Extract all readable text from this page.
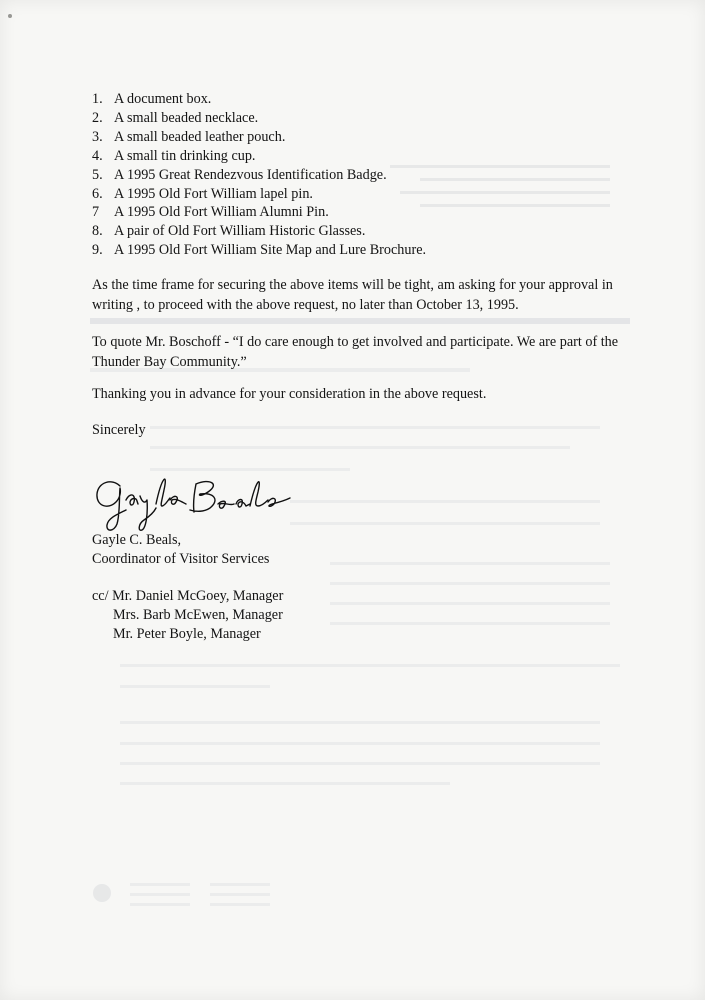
1. A document box.
2. A small beaded necklace.
3. A small beaded leather pouch.
4. A small tin drinking cup.
5. A 1995 Great Rendezvous Identification Badge.
6. A 1995 Old Fort William lapel pin.
7 A 1995 Old Fort William Alumni Pin.
8. A pair of Old Fort William Historic Glasses.
9. A 1995 Old Fort William Site Map and Lure Brochure.

As the time frame for securing the above items will be tight, am asking for your approval in writing , to proceed with the above request, no later than October 13, 1995.

To quote Mr. Boschoff - “I do care enough to get involved and participate. We are part of the Thunder Bay Community.”

Thanking you in advance for your consideration in the above request.

Sincerely

Gayle C. Beals,
Coordinator of Visitor Services
cc/ Mr. Daniel McGoey, Manager
Mrs. Barb McEwen, Manager
Mr. Peter Boyle, Manager
